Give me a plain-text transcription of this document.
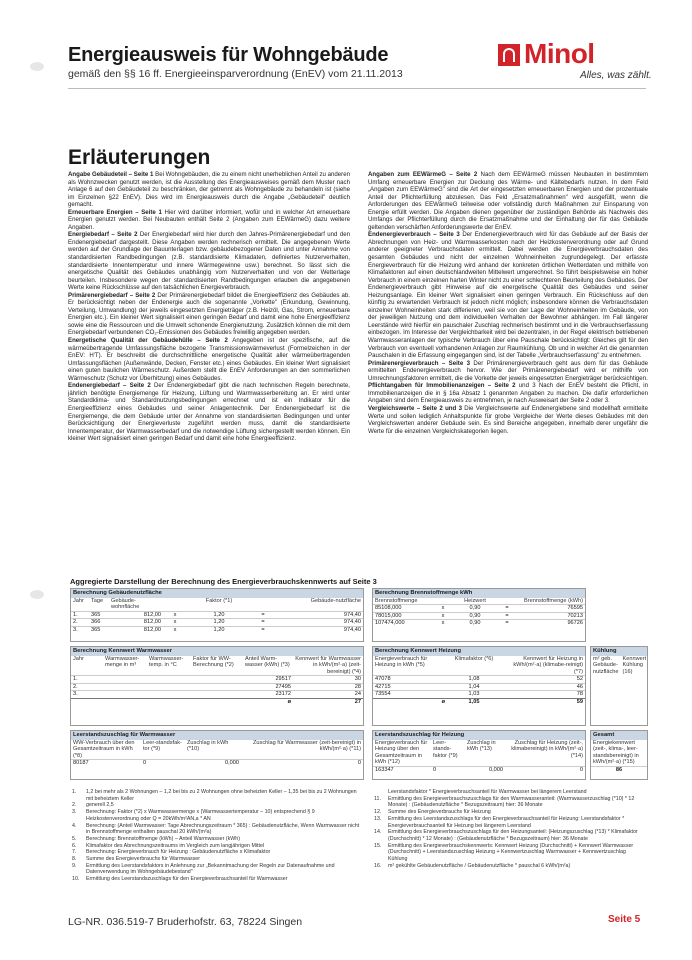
Energieausweis für Wohngebäude
gemäß den §§ 16 ff. Energieeinsparverordnung (EnEV) vom 21.11.2013
Minol
Alles, was zählt.
Erläuterungen

Angabe Gebäudeteil – Seite 1 Bei Wohngebäuden, die zu einem nicht unerheblichen Anteil zu anderen als Wohnzwecken genutzt werden, ist die Ausstellung des Energieausweises gemäß dem Muster nach Anlage 6 auf den Gebäudeteil zu beschränken, der getrennt als Wohngebäude zu behandeln ist (siehe im Einzelnen §22 EnEV). Dies wird im Energieausweis durch die Angabe „Gebäudeteil" deutlich gemacht.

Erneuerbare Energien – Seite 1 Hier wird darüber informiert, wofür und in welcher Art erneuerbare Energien genutzt werden. Bei Neubauten enthält Seite 2 (Angaben zum EEWärmeG) dazu weitere Angaben.

Energiebedarf – Seite 2 Der Energiebedarf wird hier durch den Jahres-Primärenergiebedarf und den Endenergiebedarf dargestellt. Diese Angaben werden rechnerisch ermittelt. Die angegebenen Werte werden auf der Grundlage der Bauunterlagen bzw. gebäudebezogener Daten und unter Annahme von standardisierten Randbedingungen (z.B. standardisierte Klimadaten, definiertes Nutzerverhalten, standardisierte Innentemperatur und innere Wärmegewinne usw.) berechnet. So lässt sich die energetische Qualität des Gebäudes unabhängig vom Nutzerverhalten und von der Wetterlage beurteilen. Insbesondere wegen der standardisierten Randbedingungen erlauben die angegebenen Werte keine Rückschlüsse auf den tatsächlichen Energieverbrauch.

Primärenergiebedarf – Seite 2 Der Primärenergiebedarf bildet die Energieeffizienz des Gebäudes ab. Er berücksichtigt neben der Endenergie auch die sogenannte „Vorkette" (Erkundung, Gewinnung, Verteilung, Umwandlung) der jeweils eingesetzten Energieträger (z.B. Heizöl, Gas, Strom, erneuerbare Energien etc.). Ein kleiner Wert signalisiert einen geringen Bedarf und damit eine hohe Energieeffizienz sowie eine die Ressourcen und die Umwelt schonende Energienutzung. Zusätzlich können die mit dem Energiebedarf verbundenen CO₂-Emissionen des Gebäudes freiwillig angegeben werden.

Energetische Qualität der Gebäudehülle – Seite 2 Angegeben ist der spezifische, auf die wärmeübertragende Umfassungsfläche bezogene Transmissionswärmeverlust (Formelzeichen in der EnEV: H'T). Er beschreibt die durchschnittliche energetische Qualität aller wärmeübertragenden Umfassungsflächen (Außenwände, Decken, Fenster etc.) eines Gebäudes. Ein kleiner Wert signalisiert einen guten baulichen Wärmeschutz. Außerdem stellt die EnEV Anforderungen an den sommerlichen Wärmeschutz (Schutz vor Überhitzung) eines Gebäudes.

Endenergiebedarf – Seite 2 Der Endenergiebedarf gibt die nach technischen Regeln berechnete, jährlich benötigte Energiemenge für Heizung, Lüftung und Warmwasserbereitung an. Er wird unter Standardklima- und Standardnutzungsbedingungen errechnet und ist ein Indikator für die Energieeffizienz eines Gebäudes und seiner Anlagentechnik. Der Endenergiebedarf ist die Energiemenge, die dem Gebäude unter der Annahme von standardisierten Bedingungen und unter Berücksichtigung der Energieverluste zugeführt werden muss, damit die standardisierte Innentemperatur, der Warmwasserbedarf und die notwendige Lüftung sichergestellt werden können. Ein kleiner Wert signalisiert einen geringen Bedarf und damit eine hohe Energieeffizienz.

Angaben zum EEWärmeG – Seite 2 Nach dem EEWärmeG müssen Neubauten in bestimmtem Umfang erneuerbare Energien zur Deckung des Wärme- und Kältebedarfs nutzen. In dem Feld „Angaben zum EEWärmeG" sind die Art der eingesetzten erneuerbaren Energien und der prozentuale Anteil der Pflichterfüllung abzulesen. Das Feld „Ersatzmaßnahmen" wird ausgefüllt, wenn die Anforderungen des EEWärmeG teilweise oder vollständig durch Maßnahmen zur Einsparung von Energie erfüllt werden. Die Angaben dienen gegenüber der zuständigen Behörde als Nachweis des Umfangs der Pflichterfüllung durch die Ersatzmaßnahme und der Einhaltung der für das Gebäude geltenden verschärften Anforderungswerte der EnEV.

Endenergieverbrauch – Seite 3 Der Endenergieverbrauch wird für das Gebäude auf der Basis der Abrechnungen von Heiz- und Warmwasserkosten nach der Heizkostenverordnung oder auf Grund anderer geeigneter Verbrauchsdaten ermittelt. Dabei werden die Energieverbrauchsdaten des gesamten Gebäudes und nicht der einzelnen Wohneinheiten zugrundegelegt. Der erfasste Energieverbrauch für die Heizung wird anhand der konkreten örtlichen Wetterdaten und mithilfe von Klimafaktoren auf einen deutschlandweiten Mittelwert umgerechnet. So führt beispielsweise ein hoher Verbrauch in einem einzelnen harten Winter nicht zu einer schlechteren Beurteilung des Gebäudes. Der Endenergieverbrauch gibt Hinweise auf die energetische Qualität des Gebäudes und seiner Heizungsanlage. Ein kleiner Wert signalisiert einen geringen Verbrauch. Ein Rückschluss auf den künftig zu erwartenden Verbrauch ist jedoch nicht möglich; insbesondere können die Verbrauchsdaten einzelner Wohneinheiten stark differieren, weil sie von der Lage der Wohneinheiten im Gebäude, von der jeweiligen Nutzung und dem individuellen Verhalten der Bewohner abhängen. Im Fall längerer Leerstände wird hierfür ein pauschaler Zuschlag rechnerisch bestimmt und in die Verbrauchserfassung einbezogen. Im Interesse der Vergleichbarkeit wird bei dezentralen, in der Regel elektrisch betriebenen Warmwasseranlagen der typische Verbrauch über eine Pauschale berücksichtigt: Gleiches gilt für den Verbrauch von eventuell vorhandenen Anlagen zur Raumkühlung. Ob und in welcher Art die genannten Pauschalen in die Erfassung eingegangen sind, ist der Tabelle „Verbrauchserfassung" zu entnehmen.

Primärenergieverbrauch – Seite 3 Der Primärenergieverbrauch geht aus dem für das Gebäude ermittelten Endenergieverbrauch hervor. Wie der Primärenergiebedarf wird er mithilfe von Umrechnungsfaktoren ermittelt, die die Vorkette der jeweils eingesetzten Energieträger berücksichtigen.

Pflichtangaben für Immobilienanzeigen – Seite 2 und 3 Nach der EnEV besteht die Pflicht, in Immobilienanzeigen die in § 16a Absatz 1 genannten Angaben zu machen. Die dafür erforderlichen Angaben sind dem Energieausweis zu entnehmen, je nach Ausweisart der Seite 2 oder 3.

Vergleichswerte – Seite 2 und 3 Die Vergleichswerte auf Endenergiebene sind modellhaft ermittelte Werte und sollen lediglich Anhaltspunkte für grobe Vergleiche der Werte dieses Gebäudes mit den Vergleichswerten anderer Gebäude sein. Es sind Bereiche angegeben, innerhalb derer ungefähr die Werte für die einzelnen Vergleichskategorien liegen.

Aggregierte Darstellung der Berechnung des Energieverbrauchskennwerts auf Seite 3
Berechnung Gebäudenutzfläche
Jahr	Tage	Gebäude-wohnfläche		Faktor (*1)		Gebäude-nutzfläche
1.	365	812,00	x	1,20	=	974,40
2.	366	812,00	x	1,20	=	974,40
3.	365	812,00	x	1,20	=	974,40
Berechnung Brennstoffmenge kWh
Brennstoffmenge		Heizwert		Brennstoffmenge (kWh)
85108,000	x	0,90	=	76595
78015,000	x	0,90	=	70213
107474,000	x	0,90	=	96726
Berechnung Kennwert Warmwasser
Jahr	Warmwasser-menge in m³	Warmwasser-temp. in °C	Faktor für WW-Berechnung (*2)	Anteil Warm-wasser (kWh) (*3)	Kennwert für Warmwasser in kWh/(m²·a) (zeit-bereinigt) (*4)
1.				29517	30
2.				27495	28
3.				23172	24
				ø	27
Berechnung Kennwert Heizung
Energieverbrauch für Heizung in kWh (*5)	Klimafaktor (*6)	Kennwert für Heizung in kWh/(m²·a) (klimabe-reinigt) (*7)
47078	1,08	52
42715	1,04	46
73554	1,03	78
ø	1,05	59
Kühlung
m² geb. Gebäude-nutzfläche	Kennwert Kühlung (16)
Leerstandszuschlag für Warmwasser
WW-Verbrauch über den Gesamtzeitraum in kWh (*8)	Leer-standsfak-tor (*9)	Zuschlag in kWh (*10)	Zuschlag für Warmwasser (zeit-bereinigt) in kWh/(m²·a) (*11)
80187	0	0,000	0
Leerstandszuschlag für Heizung
Energieverbrauch für Heizung über den Gesamtzeitraum in kWh (*12)	Leer-stands-faktor (*9)	Zuschlag in kWh (*13)	Zuschlag für Heizung (zeit-, klimabereinigt) in kWh/(m²·a) (*14)
163347	0	0,000	0
Gesamt
Energiekennwert (zeit-, klima-, leer-standsbereinigt) in kWh/(m²·a) (*15)
86
1.	1,2 bei mehr als 2 Wohnungen – 1,2 bei bis zu 2 Wohnungen ohne beheizten Keller – 1,35 bei bis zu 2 Wohnungen mit beheiztem Keller
2.	generell 2,5
3.	Berechnung: Faktor (*2) x Warmwassermenge x (Warmwassertemperatur – 10) entsprechend § 9 Heizkostenverordnung oder Q = 20kWh/m²AN,a * AN
4.	Berechnung: (Anteil Warmwasser: Tage Abrechnungszeitraum * 365) : Gebäudenutzfläche, Wenn Warmwasser nicht in Brennstoffmenge enthalten pauschal 20 kWh/(m²a)
5.	Berechnung: Brennstoffmenge (kWh) – Anteil Warmwasser (kWh)
6.	Klimafaktor des Abrechnungszeitraums im Vergleich zum langjährigen Mittel
7.	Berechnung: Energieverbrauch für Heizung : Gebäudenutzfläche x Klimafaktor
8.	Summe des Energieverbrauchs für Warmwasser
9.	Ermittlung des Leerstandsfaktors in Anlehnung zur „Bekanntmachung der Regeln zur Datenaufnahme und Datenverwendung im Wohngebäudebestand"
10.	Ermittlung des Leerstandszuschlags für den Energieverbrauchsanteil für Warmwasser
Leerstandsfaktor * Energieverbrauchsanteil für Warmwasser bei längerem Leerstand
11.	Ermittlung des Energieverbrauchszuschlags für den Warmwasseranteil: (Warmwasserzuschlag (*10) * 12 Monate) : (Gebäudenutzfläche * Bezugszeitraum) hier: 36 Monate
12.	Summe des Energieverbrauchs für Heizung
13.	Ermittlung des Leerstandszuschlags für den Energieverbrauchsanteil für Heizung: Leerstandsfaktor * Energieverbrauchsanteil für Heizung bei längerem Leerstand
14.	Ermittlung des Energieverbrauchszuschlags für den Heizungsanteil: (Heizungszuschlag (*13) * Klimafaktor (Durchschnitt) * 12 Monate) : (Gebäudenutzfläche * Bezugszeitraum) hier: 36 Monate
15.	Ermittlung des Energieverbrauchskennwerts: Kennwert Heizung (Durchschnitt) + Kennwert Warmwasser (Durchschnitt) + Leerstandszuschlag Heizung + Kennwertzuschlag Warmwasser + Kennwertzuschlag Kühlung
16.	m² gekühlte Gebäudenutzfläche / Gebäudenutzfläche * pauschal 6 kWh/(m²a)
LG-NR. 036.519-7 Bruderhofstr. 63, 78224 Singen	Seite 5
